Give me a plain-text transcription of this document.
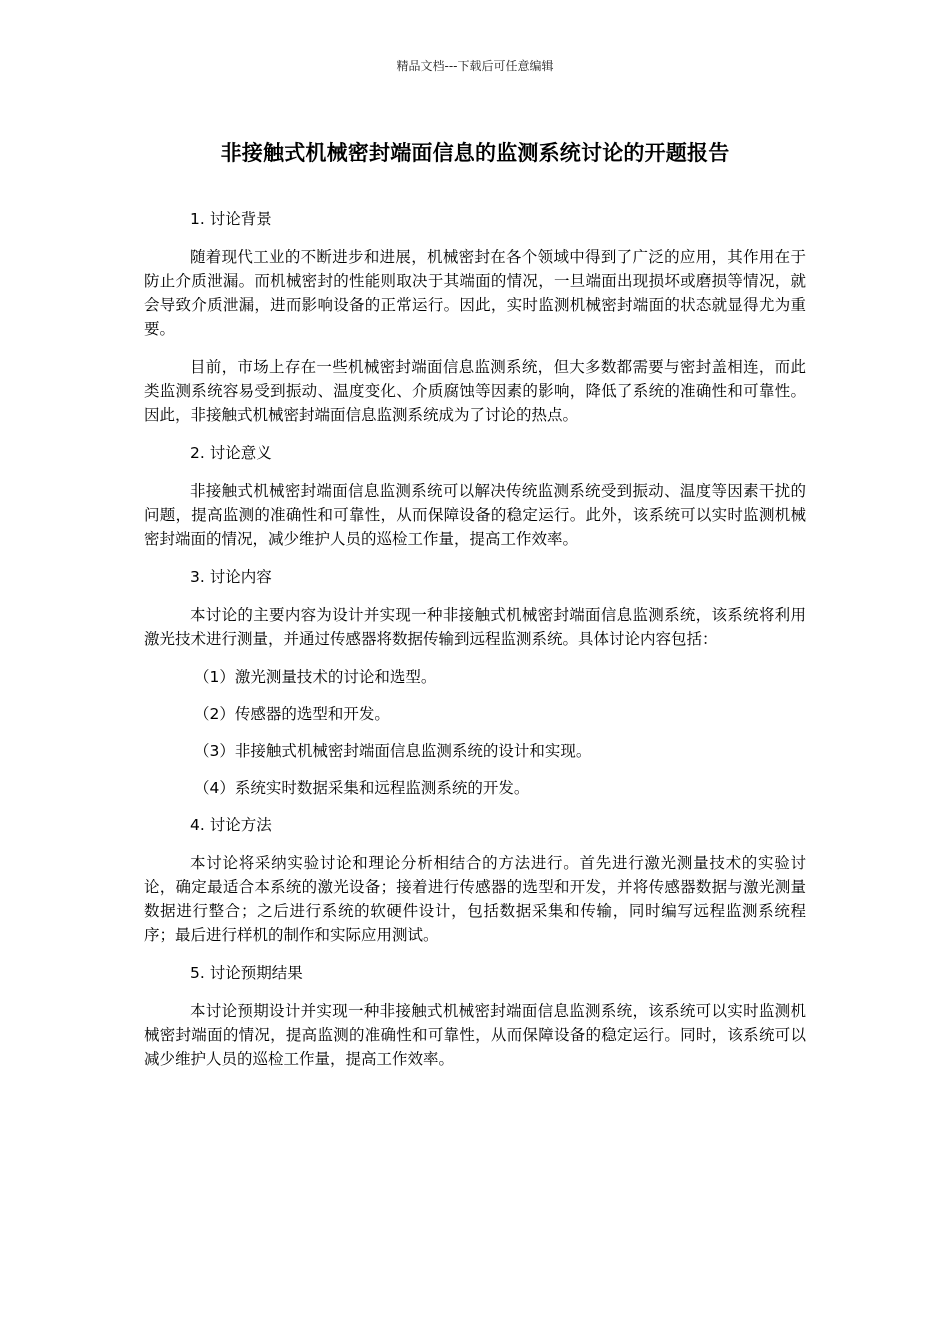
精品文档---下载后可任意编辑
非接触式机械密封端面信息的监测系统讨论的开题报告

1. 讨论背景

随着现代工业的不断进步和进展，机械密封在各个领域中得到了广泛的应用，其作用在于防止介质泄漏。而机械密封的性能则取决于其端面的情况，一旦端面出现损坏或磨损等情况，就会导致介质泄漏，进而影响设备的正常运行。因此，实时监测机械密封端面的状态就显得尤为重要。

目前，市场上存在一些机械密封端面信息监测系统，但大多数都需要与密封盖相连，而此类监测系统容易受到振动、温度变化、介质腐蚀等因素的影响，降低了系统的准确性和可靠性。因此，非接触式机械密封端面信息监测系统成为了讨论的热点。

2. 讨论意义

非接触式机械密封端面信息监测系统可以解决传统监测系统受到振动、温度等因素干扰的问题，提高监测的准确性和可靠性，从而保障设备的稳定运行。此外，该系统可以实时监测机械密封端面的情况，减少维护人员的巡检工作量，提高工作效率。

3. 讨论内容

本讨论的主要内容为设计并实现一种非接触式机械密封端面信息监测系统，该系统将利用激光技术进行测量，并通过传感器将数据传输到远程监测系统。具体讨论内容包括：

（1）激光测量技术的讨论和选型。

（2）传感器的选型和开发。

（3）非接触式机械密封端面信息监测系统的设计和实现。

（4）系统实时数据采集和远程监测系统的开发。

4. 讨论方法

本讨论将采纳实验讨论和理论分析相结合的方法进行。首先进行激光测量技术的实验讨论，确定最适合本系统的激光设备；接着进行传感器的选型和开发，并将传感器数据与激光测量数据进行整合；之后进行系统的软硬件设计，包括数据采集和传输，同时编写远程监测系统程序；最后进行样机的制作和实际应用测试。

5. 讨论预期结果

本讨论预期设计并实现一种非接触式机械密封端面信息监测系统，该系统可以实时监测机械密封端面的情况，提高监测的准确性和可靠性，从而保障设备的稳定运行。同时，该系统可以减少维护人员的巡检工作量，提高工作效率。
